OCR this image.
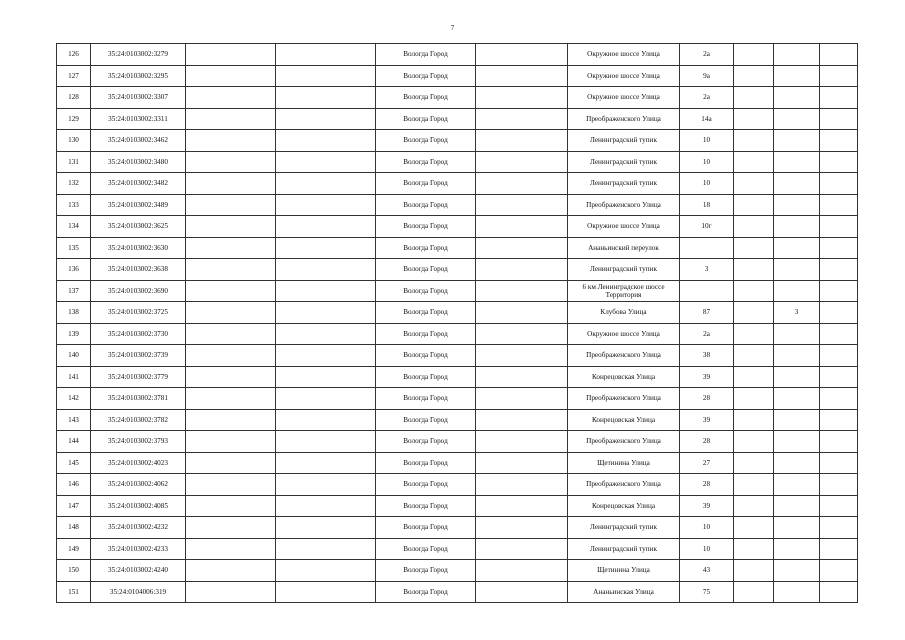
7
126	35:24:0103002:3279			Вологда Город		Окружное шоссе Улица	2а			
127	35:24:0103002:3295			Вологда Город		Окружное шоссе Улица	9а			
128	35:24:0103002:3307			Вологда Город		Окружное шоссе Улица	2а			
129	35:24:0103002:3311			Вологда Город		Преображенского Улица	14а			
130	35:24:0103002:3462			Вологда Город		Ленинградский тупик	10			
131	35:24:0103002:3480			Вологда Город		Ленинградский тупик	10			
132	35:24:0103002:3482			Вологда Город		Ленинградский тупик	10			
133	35:24:0103002:3489			Вологда Город		Преображенского Улица	18			
134	35:24:0103002:3625			Вологда Город		Окружное шоссе Улица	10г			
135	35:24:0103002:3630			Вологда Город		Ананьинский переулок				
136	35:24:0103002:3638			Вологда Город		Ленинградский тупик	3			
137	35:24:0103002:3690			Вологда Город		6 км Ленинградское шоссе Территория				
138	35:24:0103002:3725			Вологда Город		Клубова Улица	87		3	
139	35:24:0103002:3730			Вологда Город		Окружное шоссе Улица	2а			
140	35:24:0103002:3739			Вологда Город		Преображенского Улица	38			
141	35:24:0103002:3779			Вологда Город		Конрецовская Улица	39			
142	35:24:0103002:3781			Вологда Город		Преображенского Улица	28			
143	35:24:0103002:3782			Вологда Город		Конрецовская Улица	39			
144	35:24:0103002:3793			Вологда Город		Преображенского Улица	28			
145	35:24:0103002:4023			Вологда Город		Щетинина Улица	27			
146	35:24:0103002:4062			Вологда Город		Преображенского Улица	28			
147	35:24:0103002:4085			Вологда Город		Конрецовская Улица	39			
148	35:24:0103002:4232			Вологда Город		Ленинградский тупик	10			
149	35:24:0103002:4233			Вологда Город		Ленинградский тупик	10			
150	35:24:0103002:4240			Вологда Город		Щетинина Улица	43			
151	35:24:0104006:319			Вологда Город		Ананьинская Улица	75			
